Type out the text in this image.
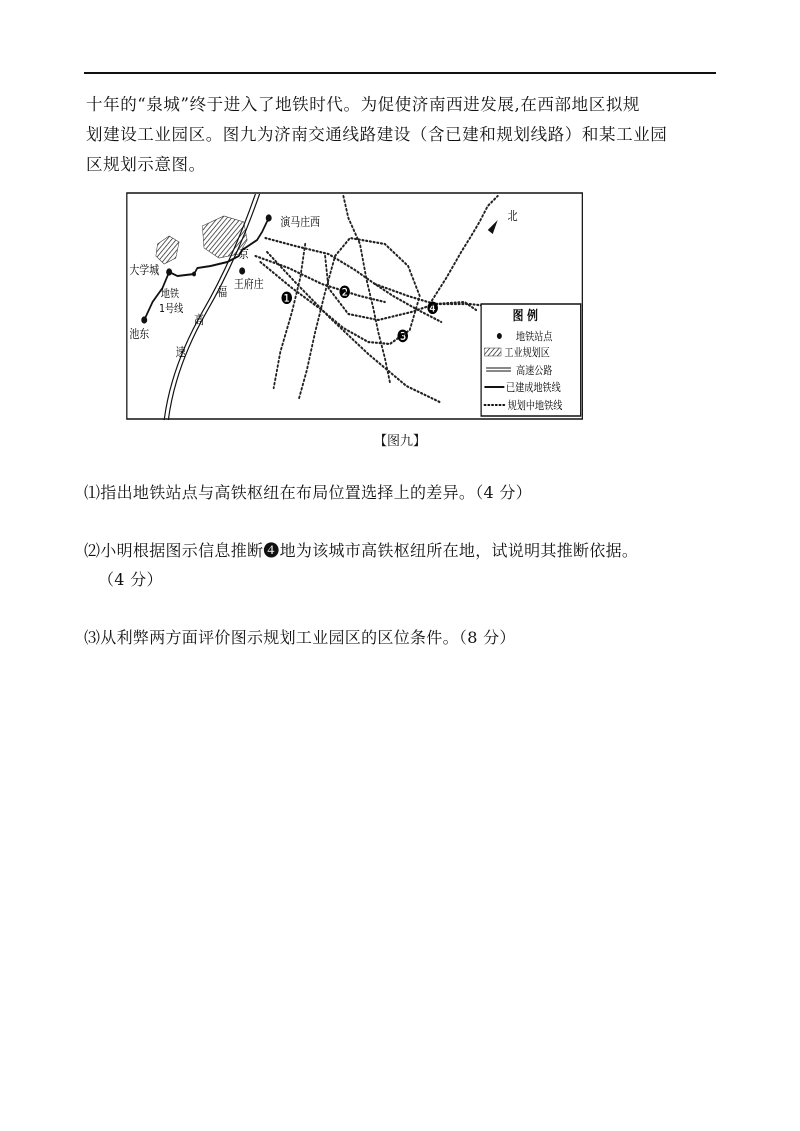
十年的“泉城”终于进入了地铁时代。为促使济南西进发展,在西部地区拟规

划建设工业园区。图九为济南交通线路建设（含已建和规划线路）和某工业园

区规划示意图。

大学城
池东
王府庄
演马庄西
地铁
1号线
京
福
高
速
❶	❷
❸
❹
北
图 例
地铁站点
工业规划区
高速公路
已建成地铁线
规划中地铁线
【图九】
⑴指出地铁站点与高铁枢纽在布局位置选择上的差异。（4 分）
⑵小明根据图示信息推断❹地为该城市高铁枢纽所在地，试说明其推断依据。
（4 分）
⑶从利弊两方面评价图示规划工业园区的区位条件。（8 分）
